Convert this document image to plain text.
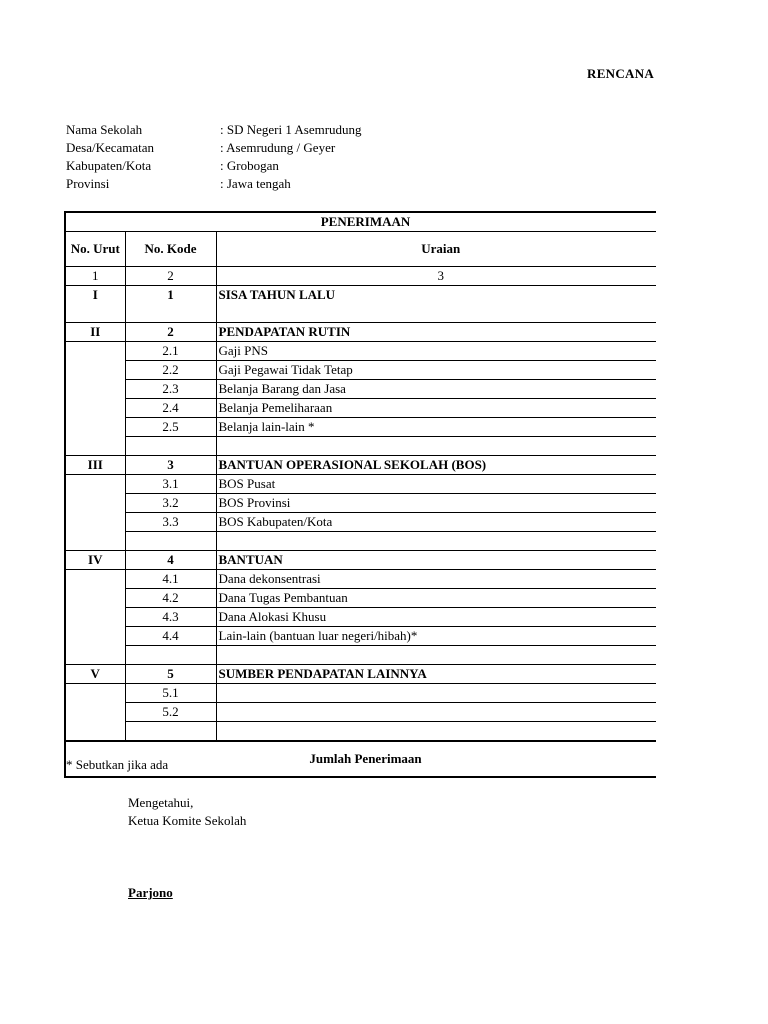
RENCANA
Nama Sekolah	: SD Negeri 1 Asemrudung
Desa/Kecamatan	: Asemrudung / Geyer
Kabupaten/Kota	: Grobogan
Provinsi	: Jawa tengah
PENERIMAAN		
No. Urut	No. Kode	Uraian
1	2	3
I	1	SISA TAHUN LALU
II	2	PENDAPATAN RUTIN
	2.1	Gaji PNS
	2.2	Gaji Pegawai Tidak Tetap
	2.3	Belanja Barang dan Jasa
	2.4	Belanja Pemeliharaan
	2.5	Belanja lain-lain *

III	3	BANTUAN OPERASIONAL SEKOLAH (BOS)
	3.1	BOS Pusat
	3.2	BOS Provinsi
	3.3	BOS Kabupaten/Kota

IV	4	BANTUAN
	4.1	Dana dekonsentrasi
	4.2	Dana Tugas Pembantuan
	4.3	Dana Alokasi Khusu
	4.4	Lain-lain (bantuan luar negeri/hibah)*

V	5	SUMBER PENDAPATAN LAINNYA
	5.1	
	5.2	

Jumlah Penerimaan		
* Sebutkan jika ada
Mengetahui,
Ketua Komite Sekolah
Parjono
